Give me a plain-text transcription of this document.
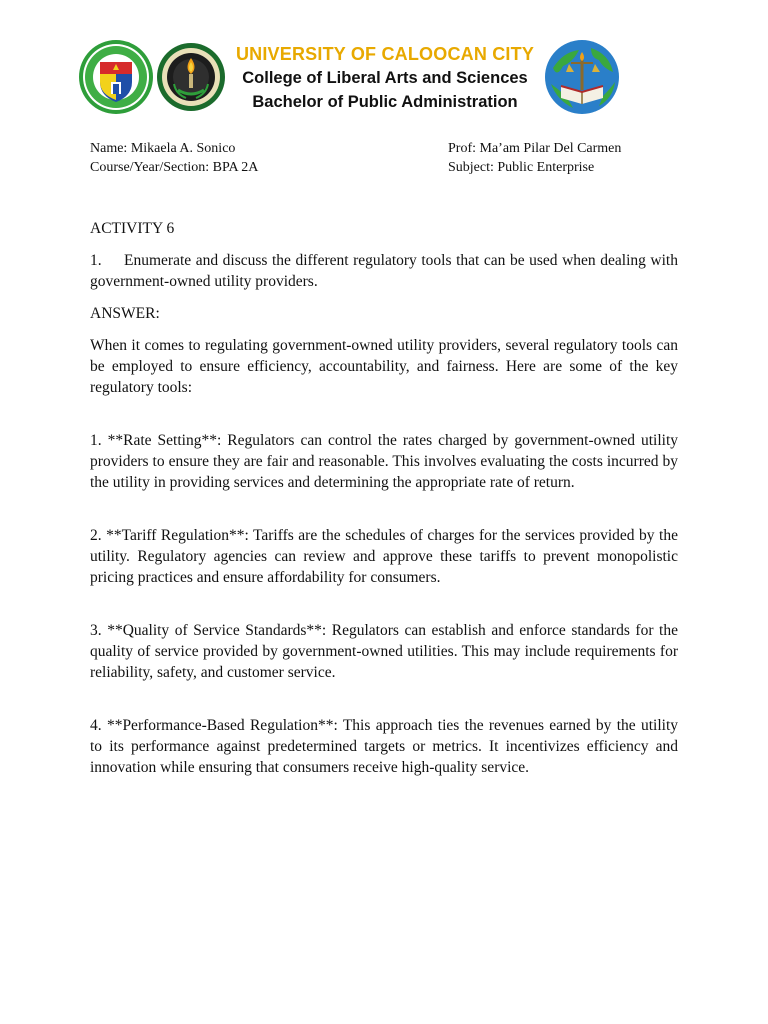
UNIVERSITY OF CALOOCAN CITY
College of Liberal Arts and Sciences
Bachelor of Public Administration
Name: Mikaela A. Sonico
Course/Year/Section: BPA 2A
Prof: Ma’am Pilar Del Carmen
Subject: Public Enterprise

ACTIVITY 6

1. Enumerate and discuss the different regulatory tools that can be used when dealing with government-owned utility providers.

ANSWER:

When it comes to regulating government-owned utility providers, several regulatory tools can be employed to ensure efficiency, accountability, and fairness. Here are some of the key regulatory tools:

1. **Rate Setting**: Regulators can control the rates charged by government-owned utility providers to ensure they are fair and reasonable. This involves evaluating the costs incurred by the utility in providing services and determining the appropriate rate of return.

2. **Tariff Regulation**: Tariffs are the schedules of charges for the services provided by the utility. Regulatory agencies can review and approve these tariffs to prevent monopolistic pricing practices and ensure affordability for consumers.

3. **Quality of Service Standards**: Regulators can establish and enforce standards for the quality of service provided by government-owned utilities. This may include requirements for reliability, safety, and customer service.

4. **Performance-Based Regulation**: This approach ties the revenues earned by the utility to its performance against predetermined targets or metrics. It incentivizes efficiency and innovation while ensuring that consumers receive high-quality service.
